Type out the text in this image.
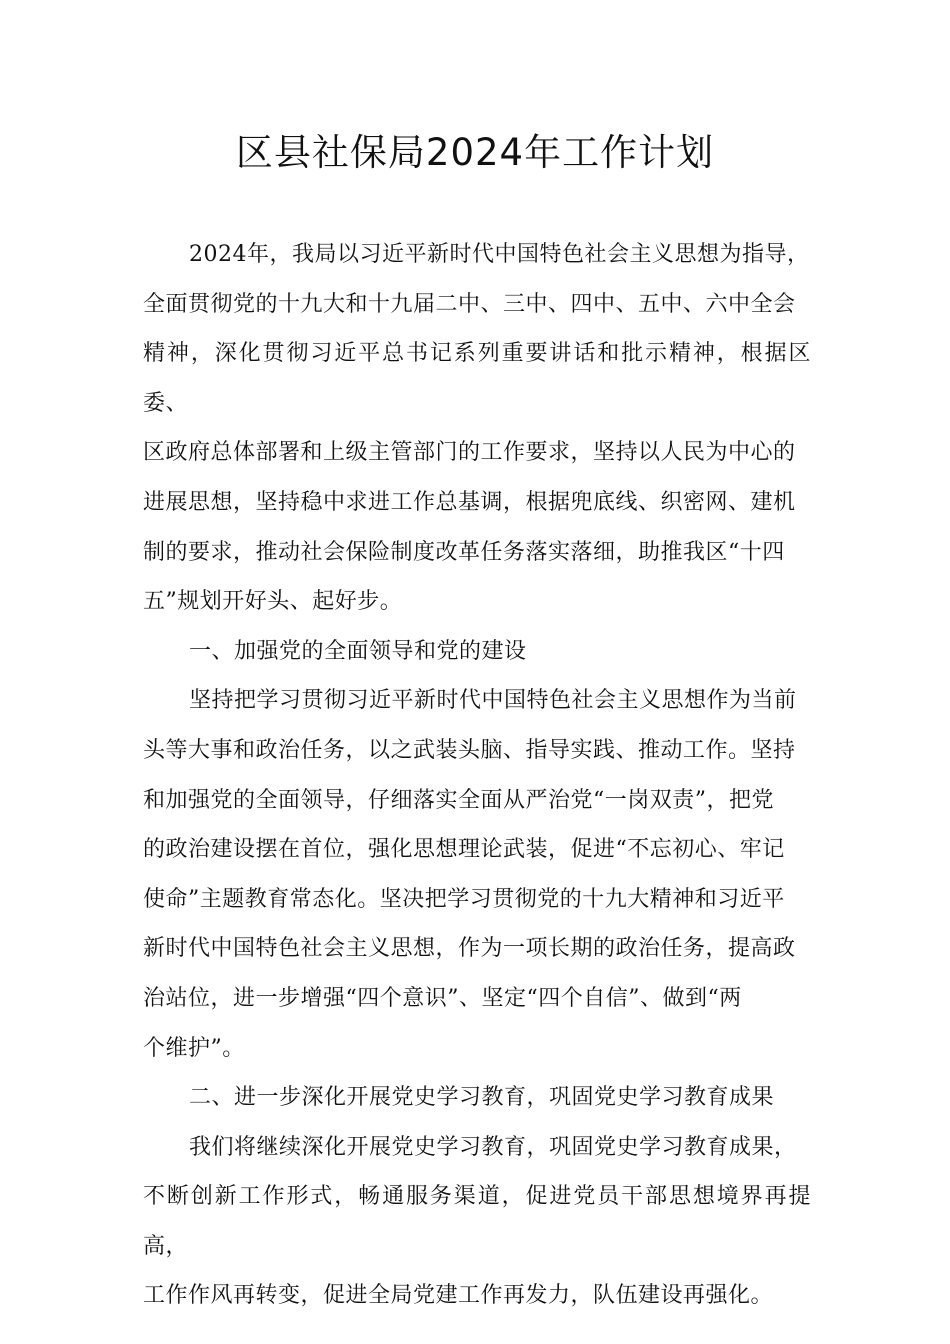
区县社保局2024年工作计划

2024年，我局以习近平新时代中国特色社会主义思想为指导，
全面贯彻党的十九大和十九届二中、三中、四中、五中、六中全会
精神，深化贯彻习近平总书记系列重要讲话和批示精神，根据区委、
区政府总体部署和上级主管部门的工作要求，坚持以人民为中心的
进展思想，坚持稳中求进工作总基调，根据兜底线、织密网、建机
制的要求，推动社会保险制度改革任务落实落细，助推我区“十四
五”规划开好头、起好步。

一、加强党的全面领导和党的建设

坚持把学习贯彻习近平新时代中国特色社会主义思想作为当前
头等大事和政治任务，以之武装头脑、指导实践、推动工作。坚持
和加强党的全面领导，仔细落实全面从严治党“一岗双责”，把党
的政治建设摆在首位，强化思想理论武装，促进“不忘初心、牢记
使命”主题教育常态化。坚决把学习贯彻党的十九大精神和习近平
新时代中国特色社会主义思想，作为一项长期的政治任务，提高政
治站位，进一步增强“四个意识”、坚定“四个自信”、做到“两
个维护”。

二、进一步深化开展党史学习教育，巩固党史学习教育成果

我们将继续深化开展党史学习教育，巩固党史学习教育成果，
不断创新工作形式，畅通服务渠道，促进党员干部思想境界再提高，
工作作风再转变，促进全局党建工作再发力，队伍建设再强化。
